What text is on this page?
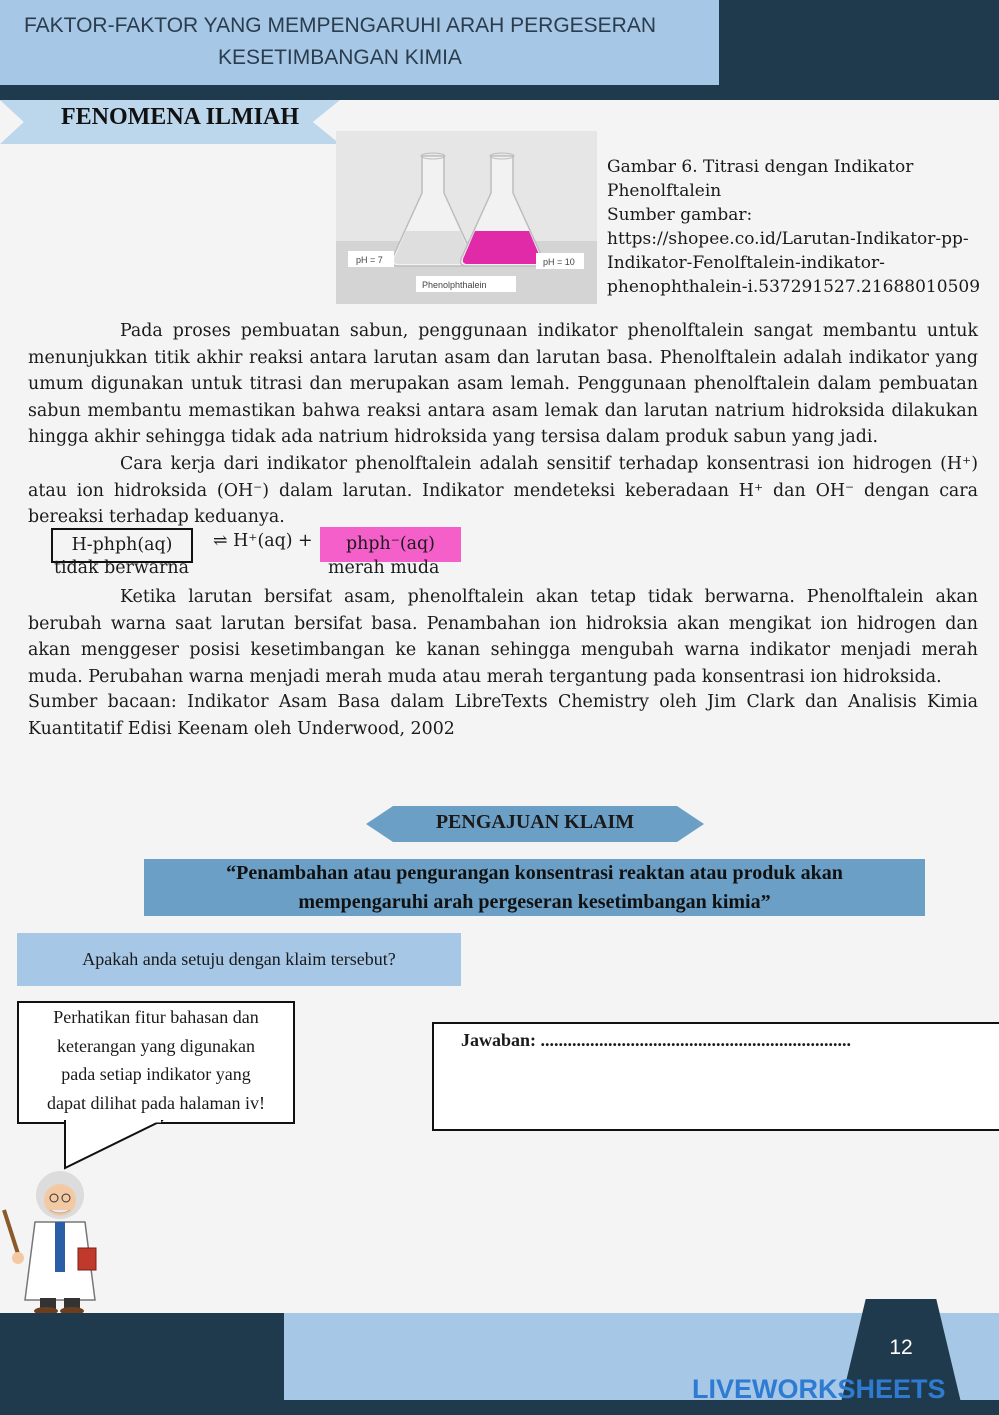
FAKTOR-FAKTOR YANG MEMPENGARUHI ARAH PERGESERAN
KESETIMBANGAN KIMIA
FENOMENA ILMIAH
pH = 7	pH = 10
Phenolphthalein
Gambar 6. Titrasi dengan Indikator
Phenolftalein
Sumber gambar:
https://shopee.co.id/Larutan-Indikator-pp-
Indikator-Fenolftalein-indikator-
phenophthalein-i.537291527.21688010509
Pada proses pembuatan sabun, penggunaan indikator phenolftalein sangat membantu untuk menunjukkan titik akhir reaksi antara larutan asam dan larutan basa. Phenolftalein adalah indikator yang umum digunakan untuk titrasi dan merupakan asam lemah. Penggunaan phenolftalein dalam pembuatan sabun membantu memastikan bahwa reaksi antara asam lemak dan larutan natrium hidroksida dilakukan hingga akhir sehingga tidak ada natrium hidroksida yang tersisa dalam produk sabun yang jadi.
Cara kerja dari indikator phenolftalein adalah sensitif terhadap konsentrasi ion hidrogen (H⁺) atau ion hidroksida (OH⁻) dalam larutan. Indikator mendeteksi keberadaan H⁺ dan OH⁻ dengan cara bereaksi terhadap keduanya.
H-phph(aq)	⇌ H⁺(aq) +	phph⁻(aq)
tidak berwarna	merah muda
Ketika larutan bersifat asam, phenolftalein akan tetap tidak berwarna. Phenolftalein akan berubah warna saat larutan bersifat basa. Penambahan ion hidroksia akan mengikat ion hidrogen dan akan menggeser posisi kesetimbangan ke kanan sehingga mengubah warna indikator menjadi merah muda. Perubahan warna menjadi merah muda atau merah tergantung pada konsentrasi ion hidroksida.
Sumber bacaan: Indikator Asam Basa dalam LibreTexts Chemistry oleh Jim Clark dan Analisis Kimia Kuantitatif Edisi Keenam oleh Underwood, 2002
PENGAJUAN KLAIM
“Penambahan atau pengurangan konsentrasi reaktan atau produk akan
mempengaruhi arah pergeseran kesetimbangan kimia”
Apakah anda setuju dengan klaim tersebut?
Perhatikan fitur bahasan dan
keterangan yang digunakan
pada setiap indikator yang
dapat dilihat pada halaman iv!
Jawaban: .....................................................................
12
LIVEWORKSHEETS
